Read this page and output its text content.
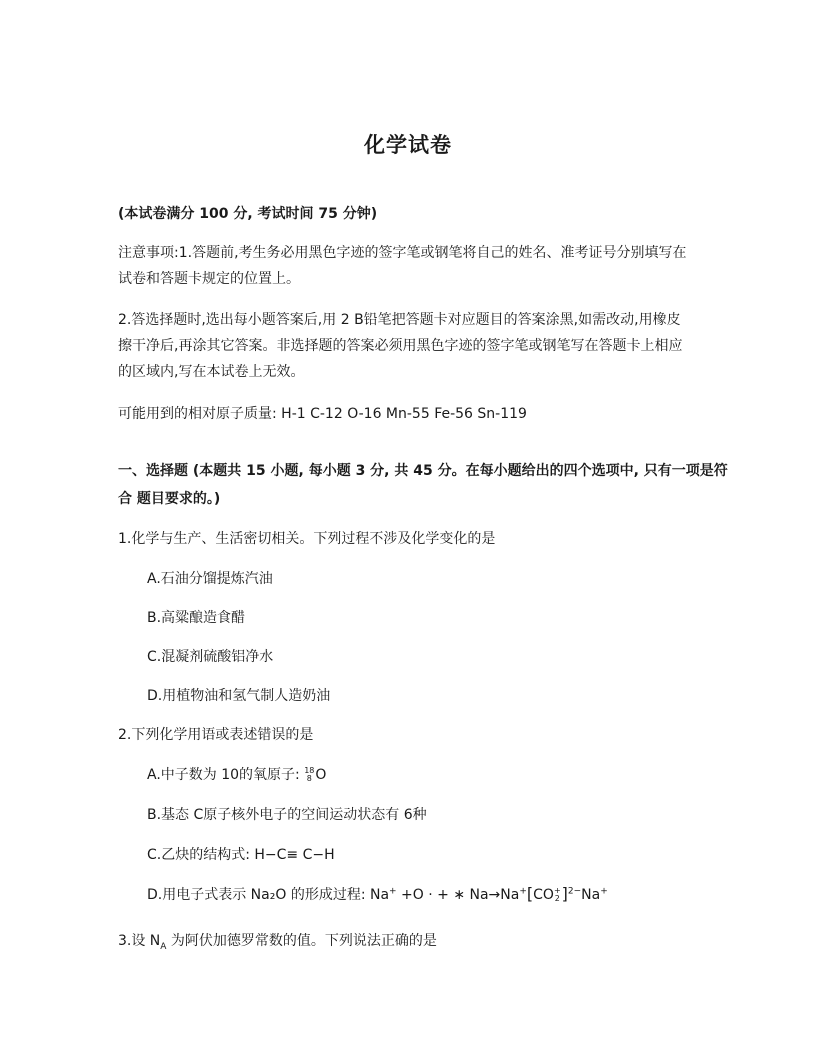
化学试卷
(本试卷满分 100 分, 考试时间 75 分钟)
注意事项:1.答题前,考生务必用黑色字迹的签字笔或钢笔将自己的姓名、准考证号分别填写在
试卷和答题卡规定的位置上。
2.答选择题时,选出每小题答案后,用 2 B铅笔把答题卡对应题目的答案涂黑,如需改动,用橡皮
擦干净后,再涂其它答案。非选择题的答案必须用黑色字迹的签字笔或钢笔写在答题卡上相应
的区域内,写在本试卷上无效。
可能用到的相对原子质量: H-1 C-12 O-16 Mn-55 Fe-56 Sn-119
一、选择题 (本题共 15 小题, 每小题 3 分, 共 45 分。在每小题给出的四个选项中, 只有一项是符
合 题目要求的。)
1.化学与生产、生活密切相关。下列过程不涉及化学变化的是
A.石油分馏提炼汽油
B.高粱酿造食醋
C.混凝剂硫酸铝净水
D.用植物油和氢气制人造奶油
2.下列化学用语或表述错误的是
A.中子数为 10的氧原子: 18
8 O
B.基态 C原子核外电子的空间运动状态有 6种
C.乙炔的结构式: H−C≡ C−H
D.用电子式表示 Na₂O 的形成过程: Na+ +O · + ∗ Na→Na+[CO +
2 ]$^{2-}$Na+
3.设 $N_A$ 为阿伏加德罗常数的值。下列说法正确的是
